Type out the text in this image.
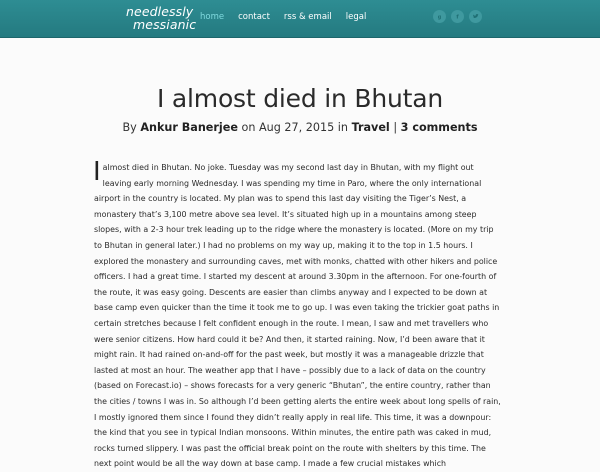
needlessly
messianic home contact rss & email legal	g f
I almost died in Bhutan
By Ankur Banerjee on Aug 27, 2015 in Travel | 3 comments
I almost died in Bhutan. No joke. Tuesday was my second last day in Bhutan, with my flight out leaving early morning Wednesday. I was spending my time in Paro, where the only international airport in the country is located. My plan was to spend this last day visiting the Tiger’s Nest, a monastery that’s 3,100 metre above sea level. It’s situated high up in a mountains among steep slopes, with a 2-3 hour trek leading up to the ridge where the monastery is located. (More on my trip to Bhutan in general later.) I had no problems on my way up, making it to the top in 1.5 hours. I explored the monastery and surrounding caves, met with monks, chatted with other hikers and police officers. I had a great time. I started my descent at around 3.30pm in the afternoon. For one-fourth of the route, it was easy going. Descents are easier than climbs anyway and I expected to be down at base camp even quicker than the time it took me to go up. I was even taking the trickier goat paths in certain stretches because I felt confident enough in the route. I mean, I saw and met travellers who were senior citizens. How hard could it be? And then, it started raining. Now, I’d been aware that it might rain. It had rained on-and-off for the past week, but mostly it was a manageable drizzle that lasted at most an hour. The weather app that I have – possibly due to a lack of data on the country (based on Forecast.io) – shows forecasts for a very generic “Bhutan”, the entire country, rather than the cities / towns I was in. So although I’d been getting alerts the entire week about long spells of rain, I mostly ignored them since I found they didn’t really apply in real life. This time, it was a downpour: the kind that you see in typical Indian monsoons. Within minutes, the entire path was caked in mud, rocks turned slippery. I was past the official break point on the route with shelters by this time. The next point would be all the way down at base camp. I made a few crucial mistakes which
